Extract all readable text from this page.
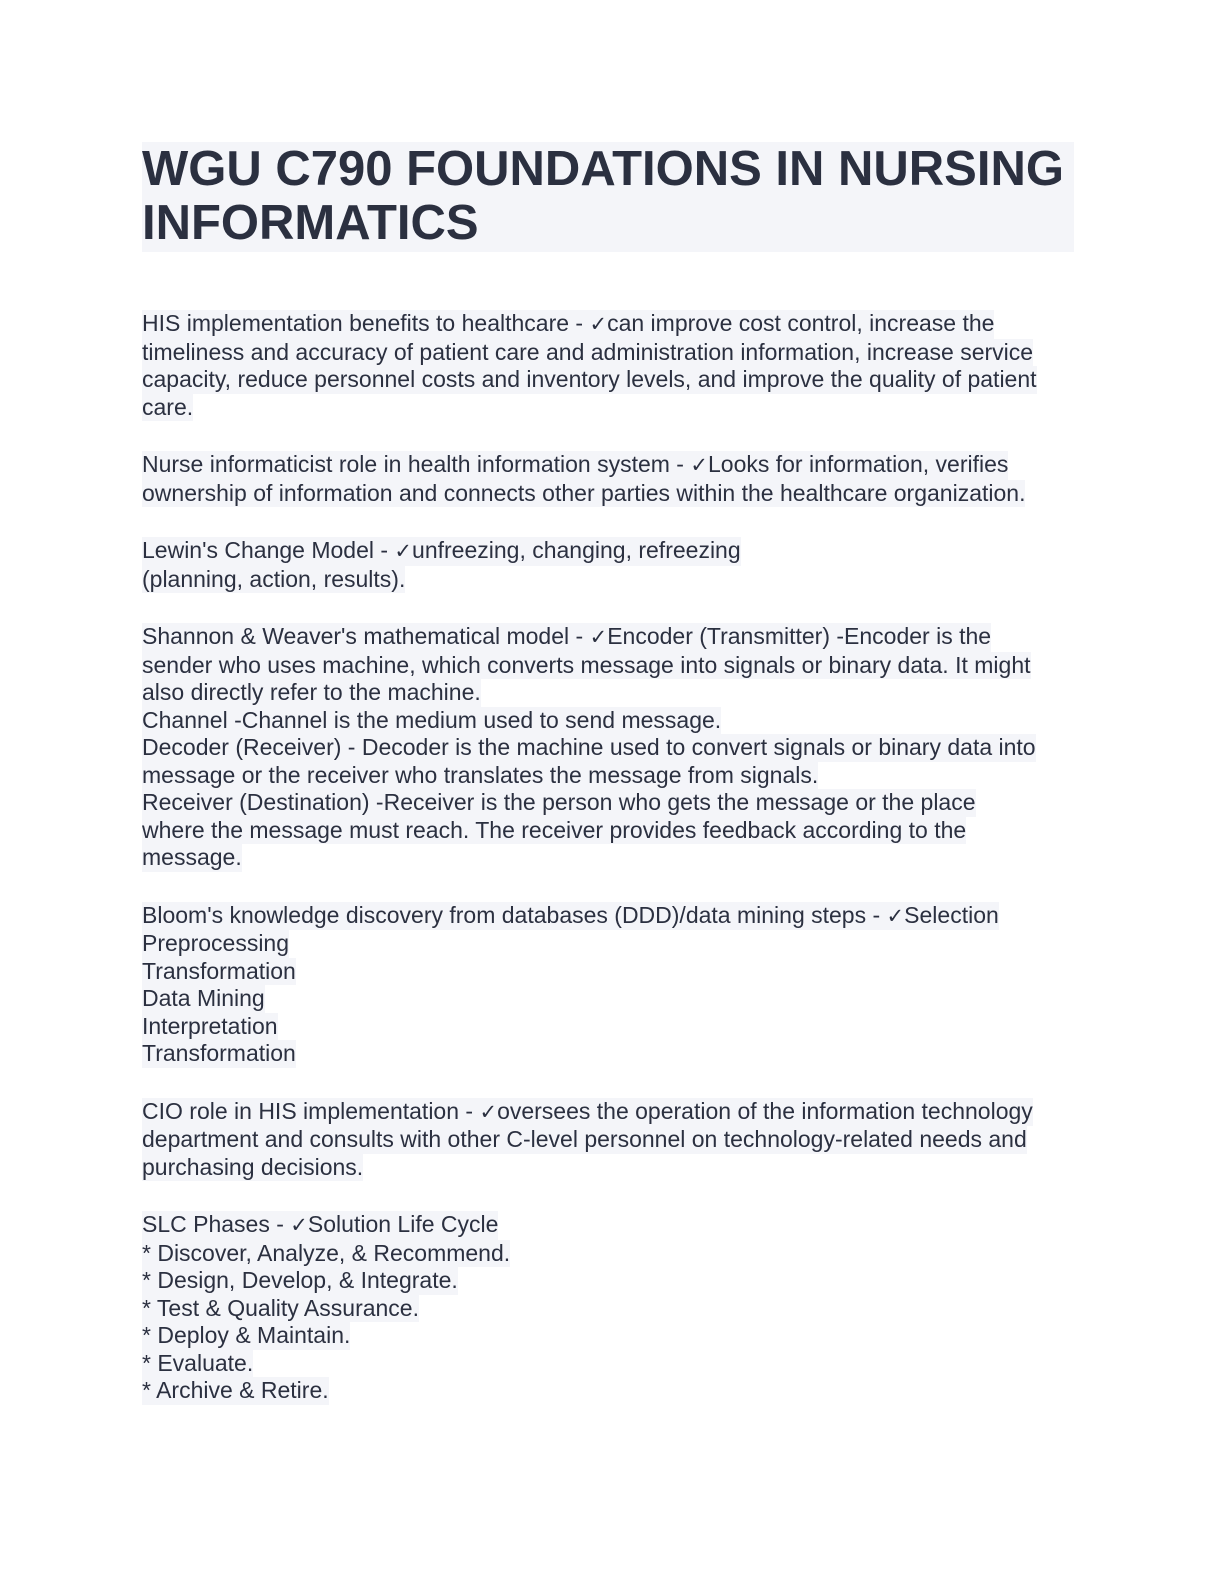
WGU C790 FOUNDATIONS IN NURSING INFORMATICS
HIS implementation benefits to healthcare - ✓can improve cost control, increase the
timeliness and accuracy of patient care and administration information, increase service
capacity, reduce personnel costs and inventory levels, and improve the quality of patient
care.
Nurse informaticist role in health information system - ✓Looks for information, verifies
ownership of information and connects other parties within the healthcare organization.
Lewin's Change Model - ✓unfreezing, changing, refreezing
(planning, action, results).
Shannon & Weaver's mathematical model - ✓Encoder (Transmitter) -Encoder is the
sender who uses machine, which converts message into signals or binary data. It might
also directly refer to the machine.
Channel -Channel is the medium used to send message.
Decoder (Receiver) - Decoder is the machine used to convert signals or binary data into
message or the receiver who translates the message from signals.
Receiver (Destination) -Receiver is the person who gets the message or the place
where the message must reach. The receiver provides feedback according to the
message.
Bloom's knowledge discovery from databases (DDD)/data mining steps - ✓Selection
Preprocessing
Transformation
Data Mining
Interpretation
Transformation
CIO role in HIS implementation - ✓oversees the operation of the information technology
department and consults with other C-level personnel on technology-related needs and
purchasing decisions.
SLC Phases - ✓Solution Life Cycle
* Discover, Analyze, & Recommend.
* Design, Develop, & Integrate.
* Test & Quality Assurance.
* Deploy & Maintain.
* Evaluate.
* Archive & Retire.
